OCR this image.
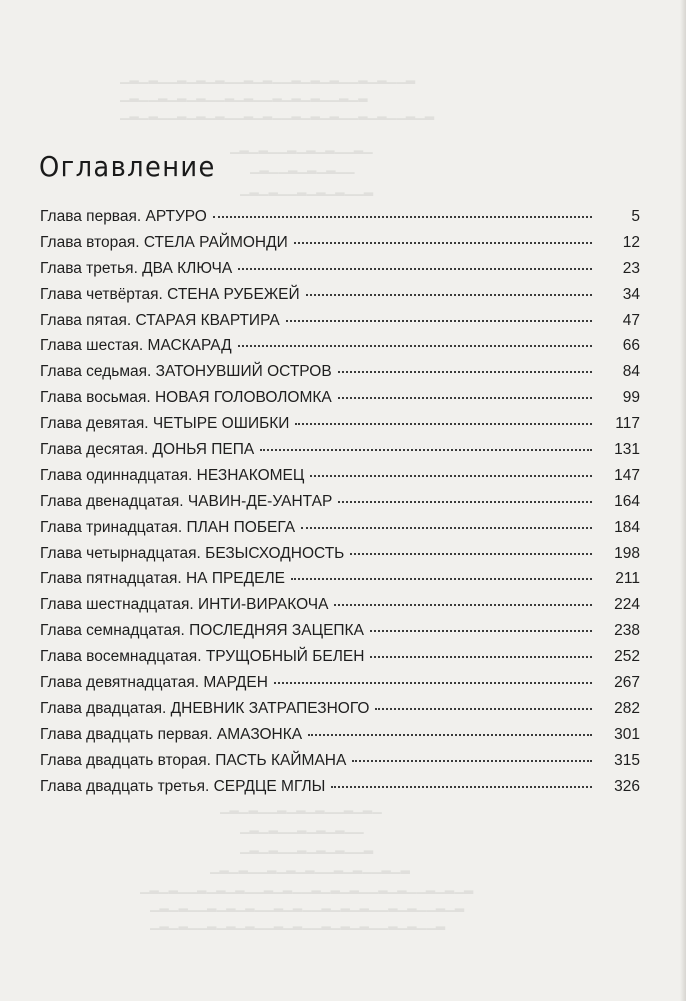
▁▂▁▂▁▁▂▁▂▁▂▁▁▂▁▂▁▁▂▁▂▁▂▁▁▂▁▂▁▁▂
▁▂▁▁▂▁▂▁▂▁▁▂▁▂▁▁▂▁▂▁▂▁▁▂▁▂
▁▂▁▂▁▁▂▁▂▁▂▁▁▂▁▂▁▁▂▁▂▁▂▁▁▂▁▂▁▁▂▁▂
▁▂▁▂▁▁▂▁▂▁▂▁▁▂▁
▁▂▁▁▂▁▂▁▂▁▁
▁▂▁▂▁▁▂▁▂▁▂▁▁▂
▁▂▁▂▁▁▂▁▂▁▂▁▁▂▁▂▁
▁▂▁▂▁▁▂▁▂▁▂▁▁
▁▂▁▂▁▁▂▁▂▁▂▁▁▂
▁▂▁▂▁▁▂▁▂▁▂▁▁▂▁▂▁▁▂▁▂
▁▂▁▂▁▁▂▁▂▁▂▁▁▂▁▂▁▁▂▁▂▁▂▁▁▂▁▂▁▁▂▁▂▁▂
▁▂▁▂▁▁▂▁▂▁▂▁▁▂▁▂▁▁▂▁▂▁▂▁▁▂▁▂▁▁▂▁▂
▁▂▁▂▁▁▂▁▂▁▂▁▁▂▁▂▁▁▂▁▂▁▂▁▁▂▁▂▁▁▂
Оглавление
Глава первая. АРТУРО	5
Глава вторая. СТЕЛА РАЙМОНДИ	12
Глава третья. ДВА КЛЮЧА	23
Глава четвёртая. СТЕНА РУБЕЖЕЙ	34
Глава пятая. СТАРАЯ КВАРТИРА	47
Глава шестая. МАСКАРАД	66
Глава седьмая. ЗАТОНУВШИЙ ОСТРОВ	84
Глава восьмая. НОВАЯ ГОЛОВОЛОМКА	99
Глава девятая. ЧЕТЫРЕ ОШИБКИ	117
Глава десятая. ДОНЬЯ ПЕПА	131
Глава одиннадцатая. НЕЗНАКОМЕЦ	147
Глава двенадцатая. ЧАВИН-ДЕ-УАНТАР	164
Глава тринадцатая. ПЛАН ПОБЕГА	184
Глава четырнадцатая. БЕЗЫСХОДНОСТЬ	198
Глава пятнадцатая. НА ПРЕДЕЛЕ	211
Глава шестнадцатая. ИНТИ-ВИРАКОЧА	224
Глава семнадцатая. ПОСЛЕДНЯЯ ЗАЦЕПКА	238
Глава восемнадцатая. ТРУЩОБНЫЙ БЕЛЕН	252
Глава девятнадцатая. МАРДЕН	267
Глава двадцатая. ДНЕВНИК ЗАТРАПЕЗНОГО	282
Глава двадцать первая. АМАЗОНКА	301
Глава двадцать вторая. ПАСТЬ КАЙМАНА	315
Глава двадцать третья. СЕРДЦЕ МГЛЫ	326
